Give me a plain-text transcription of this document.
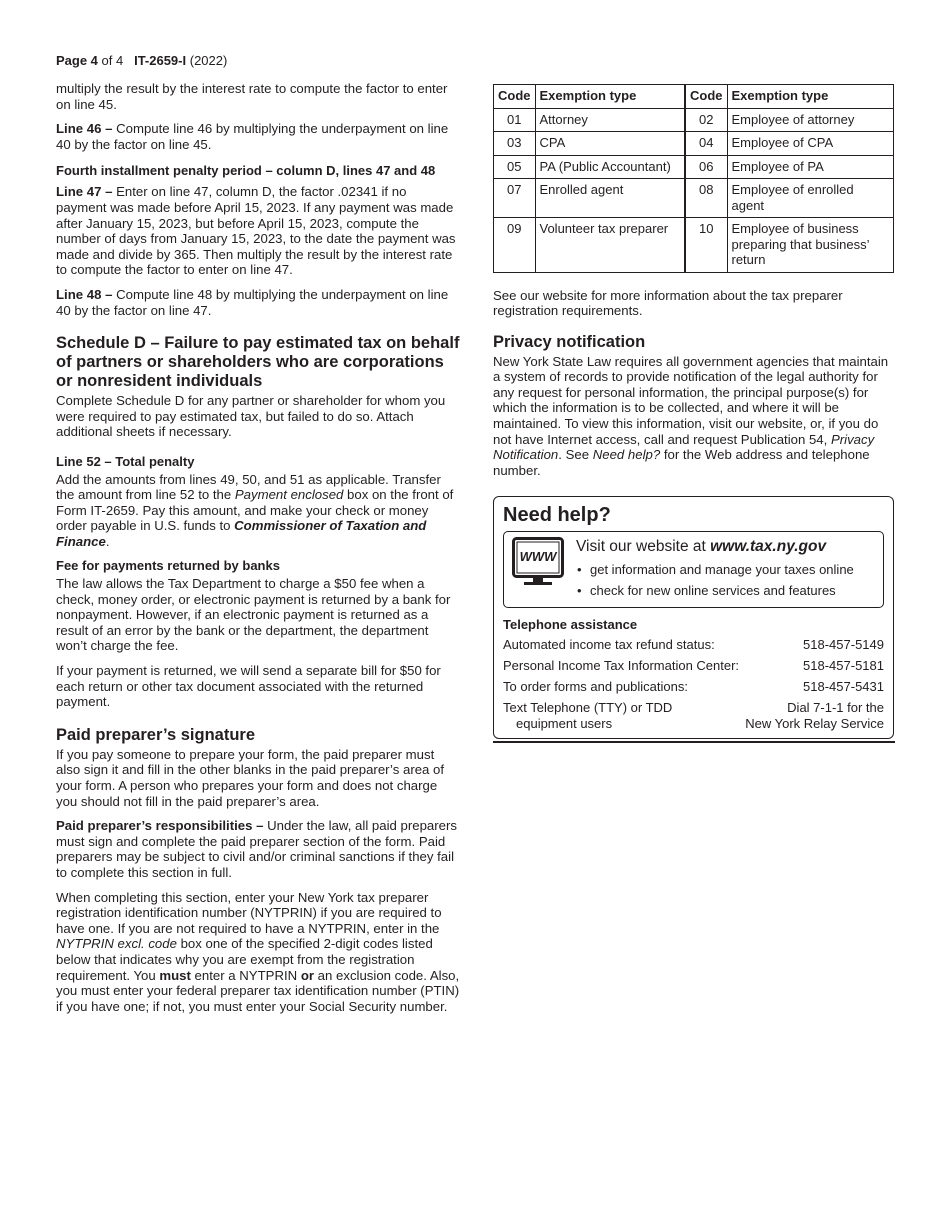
Page 4 of 4 IT-2659-I (2022)

multiply the result by the interest rate to compute the factor to enter on line 45.

Line 46 – Compute line 46 by multiplying the underpayment on line 40 by the factor on line 45.

Fourth installment penalty period – column D, lines 47 and 48

Line 47 – Enter on line 47, column D, the factor .02341 if no payment was made before April 15, 2023. If any payment was made after January 15, 2023, but before April 15, 2023, compute the number of days from January 15, 2023, to the date the payment was made and divide by 365. Then multiply the result by the interest rate to compute the factor to enter on line 47.

Line 48 – Compute line 48 by multiplying the underpayment on line 40 by the factor on line 47.

Schedule D – Failure to pay estimated tax on behalf of partners or shareholders who are corporations or nonresident individuals

Complete Schedule D for any partner or shareholder for whom you were required to pay estimated tax, but failed to do so. Attach additional sheets if necessary.

Line 52 – Total penalty

Add the amounts from lines 49, 50, and 51 as applicable. Transfer the amount from line 52 to the Payment enclosed box on the front of Form IT-2659. Pay this amount, and make your check or money order payable in U.S. funds to Commissioner of Taxation and Finance.

Fee for payments returned by banks

The law allows the Tax Department to charge a $50 fee when a check, money order, or electronic payment is returned by a bank for nonpayment. However, if an electronic payment is returned as a result of an error by the bank or the department, the department won’t charge the fee.

If your payment is returned, we will send a separate bill for $50 for each return or other tax document associated with the returned payment.

Paid preparer’s signature

If you pay someone to prepare your form, the paid preparer must also sign it and fill in the other blanks in the paid preparer’s area of your form. A person who prepares your form and does not charge you should not fill in the paid preparer’s area.

Paid preparer’s responsibilities – Under the law, all paid preparers must sign and complete the paid preparer section of the form. Paid preparers may be subject to civil and/or criminal sanctions if they fail to complete this section in full.

When completing this section, enter your New York tax preparer registration identification number (NYTPRIN) if you are required to have one. If you are not required to have a NYTPRIN, enter in the NYTPRIN excl. code box one of the specified 2-digit codes listed below that indicates why you are exempt from the registration requirement. You must enter a NYTPRIN or an exclusion code. Also, you must enter your federal preparer tax identification number (PTIN) if you have one; if not, you must enter your Social Security number.

Code	Exemption type	Code	Exemption type
01	Attorney	02	Employee of attorney
03	CPA	04	Employee of CPA
05	PA (Public Accountant)	06	Employee of PA
07	Enrolled agent	08	Employee of enrolled agent
09	Volunteer tax preparer	10	Employee of business preparing that business’ return

See our website for more information about the tax preparer registration requirements.

Privacy notification

New York State Law requires all government agencies that maintain a system of records to provide notification of the legal authority for any request for personal information, the principal purpose(s) for which the information is to be collected, and where it will be maintained. To view this information, visit our website, or, if you do not have Internet access, call and request Publication 54, Privacy Notification. See Need help? for the Web address and telephone number.

Need help?
WWW
Visit our website at www.tax.ny.gov
• get information and manage your taxes online
• check for new online services and features
Telephone assistance
Automated income tax refund status:	518-457-5149
Personal Income Tax Information Center:	518-457-5181
To order forms and publications:	518-457-5431
Text Telephone (TTY) or TDD
equipment users
Dial 7-1-1 for the
New York Relay Service
